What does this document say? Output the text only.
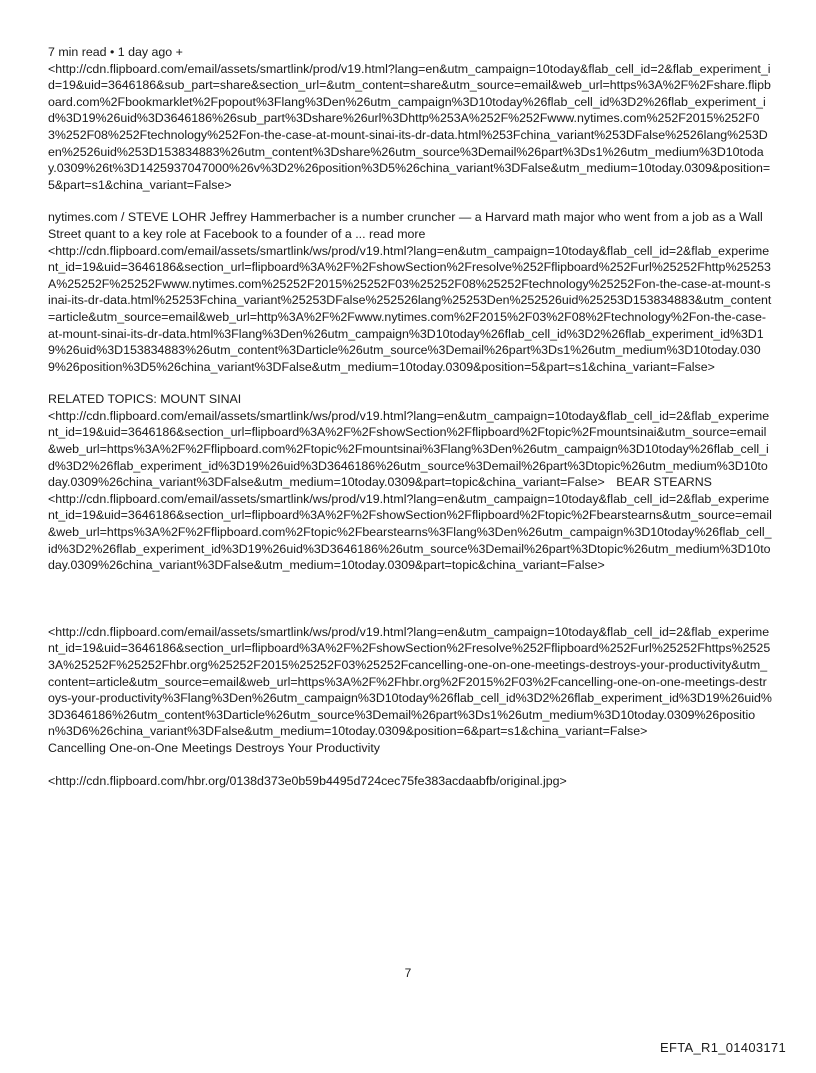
7 min read • 1 day ago +
<http://cdn.flipboard.com/email/assets/smartlink/prod/v19.html?lang=en&utm_campaign=10today&flab_cell_id=2&flab_experiment_id=19&uid=3646186&sub_part=share&section_url=&utm_content=share&utm_source=email&web_url=https%3A%2F%2Fshare.flipboard.com%2Fbookmarklet%2Fpopout%3Flang%3Den%26utm_campaign%3D10today%26flab_cell_id%3D2%26flab_experiment_id%3D19%26uid%3D3646186%26sub_part%3Dshare%26url%3Dhttp%253A%252F%252Fwww.nytimes.com%252F2015%252F03%252F08%252Ftechnology%252Fon-the-case-at-mount-sinai-its-dr-data.html%253Fchina_variant%253DFalse%2526lang%253Den%2526uid%253D153834883%26utm_content%3Dshare%26utm_source%3Demail%26part%3Ds1%26utm_medium%3D10today.0309%26t%3D1425937047000%26v%3D2%26position%3D5%26china_variant%3DFalse&utm_medium=10today.0309&position=5&part=s1&china_variant=False>
nytimes.com / STEVE LOHR Jeffrey Hammerbacher is a number cruncher — a Harvard math major who went from a job as a Wall Street quant to a key role at Facebook to a founder of a ... read more
<http://cdn.flipboard.com/email/assets/smartlink/ws/prod/v19.html?lang=en&utm_campaign=10today&flab_cell_id=2&flab_experiment_id=19&uid=3646186&section_url=flipboard%3A%2F%2FshowSection%2Fresolve%252Fflipboard%252Furl%25252Fhttp%25253A%25252F%25252Fwww.nytimes.com%25252F2015%25252F03%25252F08%25252Ftechnology%25252Fon-the-case-at-mount-sinai-its-dr-data.html%25253Fchina_variant%25253DFalse%252526lang%25253Den%252526uid%25253D153834883&utm_content=article&utm_source=email&web_url=http%3A%2F%2Fwww.nytimes.com%2F2015%2F03%2F08%2Ftechnology%2Fon-the-case-at-mount-sinai-its-dr-data.html%3Flang%3Den%26utm_campaign%3D10today%26flab_cell_id%3D2%26flab_experiment_id%3D19%26uid%3D153834883%26utm_content%3Darticle%26utm_source%3Demail%26part%3Ds1%26utm_medium%3D10today.0309%26position%3D5%26china_variant%3DFalse&utm_medium=10today.0309&position=5&part=s1&china_variant=False>
RELATED TOPICS: MOUNT SINAI
<http://cdn.flipboard.com/email/assets/smartlink/ws/prod/v19.html?lang=en&utm_campaign=10today&flab_cell_id=2&flab_experiment_id=19&uid=3646186&section_url=flipboard%3A%2F%2FshowSection%2Fflipboard%2Ftopic%2Fmountsinai&utm_source=email&web_url=https%3A%2F%2Fflipboard.com%2Ftopic%2Fmountsinai%3Flang%3Den%26utm_campaign%3D10today%26flab_cell_id%3D2%26flab_experiment_id%3D19%26uid%3D3646186%26utm_source%3Demail%26part%3Dtopic%26utm_medium%3D10today.0309%26china_variant%3DFalse&utm_medium=10today.0309&part=topic&china_variant=False> BEAR STEARNS
<http://cdn.flipboard.com/email/assets/smartlink/ws/prod/v19.html?lang=en&utm_campaign=10today&flab_cell_id=2&flab_experiment_id=19&uid=3646186&section_url=flipboard%3A%2F%2FshowSection%2Fflipboard%2Ftopic%2Fbearstearns&utm_source=email&web_url=https%3A%2F%2Fflipboard.com%2Ftopic%2Fbearstearns%3Flang%3Den%26utm_campaign%3D10today%26flab_cell_id%3D2%26flab_experiment_id%3D19%26uid%3D3646186%26utm_source%3Demail%26part%3Dtopic%26utm_medium%3D10today.0309%26china_variant%3DFalse&utm_medium=10today.0309&part=topic&china_variant=False>
<http://cdn.flipboard.com/email/assets/smartlink/ws/prod/v19.html?lang=en&utm_campaign=10today&flab_cell_id=2&flab_experiment_id=19&uid=3646186&section_url=flipboard%3A%2F%2FshowSection%2Fresolve%252Fflipboard%252Furl%25252Fhttps%25253A%25252F%25252Fhbr.org%25252F2015%25252F03%25252Fcancelling-one-on-one-meetings-destroys-your-productivity&utm_content=article&utm_source=email&web_url=https%3A%2F%2Fhbr.org%2F2015%2F03%2Fcancelling-one-on-one-meetings-destroys-your-productivity%3Flang%3Den%26utm_campaign%3D10today%26flab_cell_id%3D2%26flab_experiment_id%3D19%26uid%3D3646186%26utm_content%3Darticle%26utm_source%3Demail%26part%3Ds1%26utm_medium%3D10today.0309%26position%3D6%26china_variant%3DFalse&utm_medium=10today.0309&position=6&part=s1&china_variant=False>
Cancelling One-on-One Meetings Destroys Your Productivity
<http://cdn.flipboard.com/hbr.org/0138d373e0b59b4495d724cec75fe383acdaabfb/original.jpg>
7
EFTA_R1_01403171
